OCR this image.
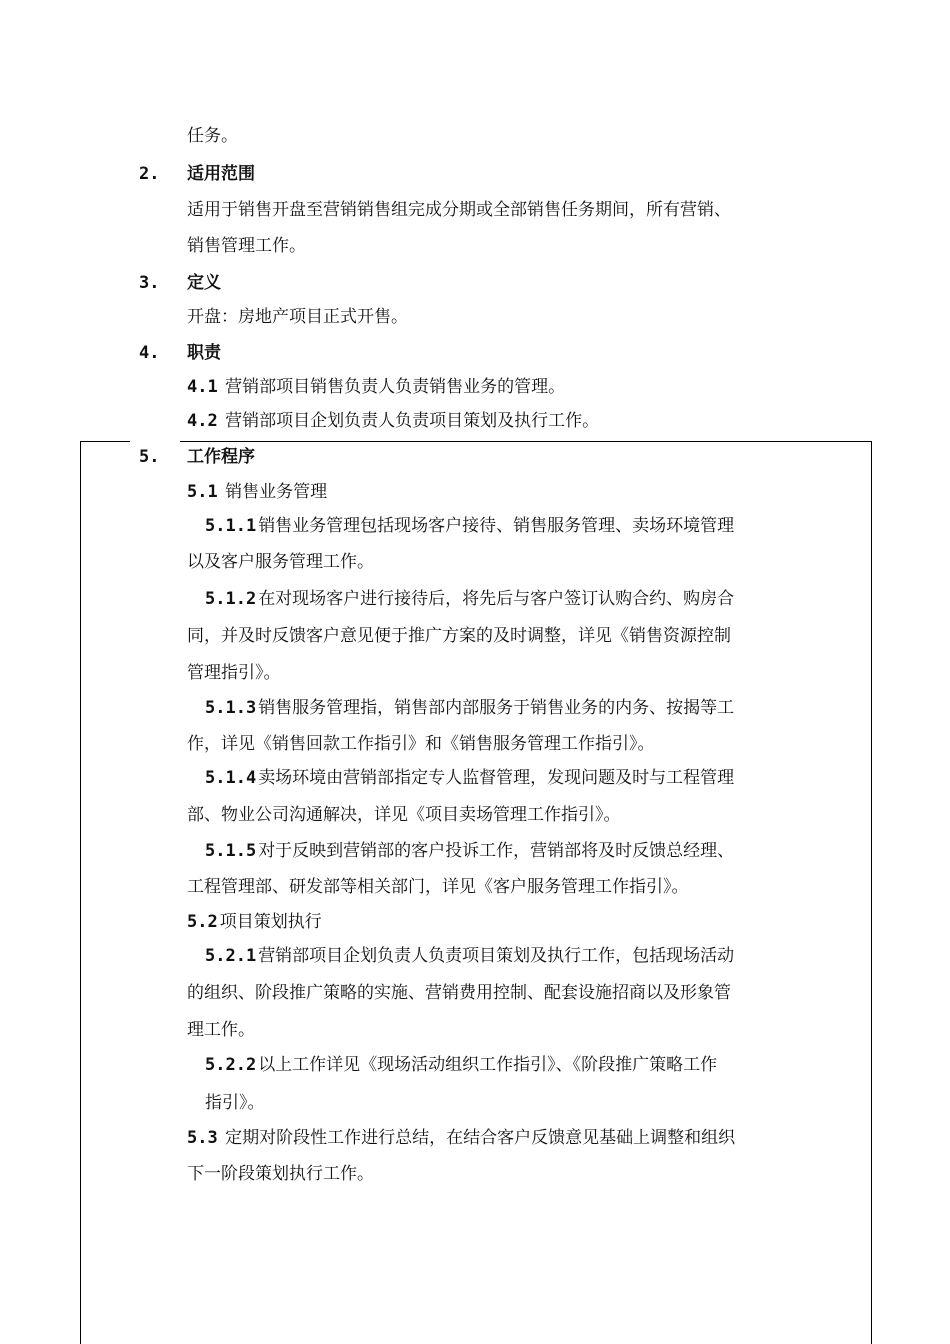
任务。
2. 适用范围
适用于销售开盘至营销销售组完成分期或全部销售任务期间，所有营销、
销售管理工作。
3. 定义
开盘：房地产项目正式开售。
4. 职责
4.1 营销部项目销售负责人负责销售业务的管理。
4.2 营销部项目企划负责人负责项目策划及执行工作。
5. 工作程序
5.1 销售业务管理
5.1.1 销售业务管理包括现场客户接待、销售服务管理、卖场环境管理
以及客户服务管理工作。
5.1.2 在对现场客户进行接待后，将先后与客户签订认购合约、购房合
同，并及时反馈客户意见便于推广方案的及时调整，详见《销售资源控制
管理指引》。
5.1.3 销售服务管理指，销售部内部服务于销售业务的内务、按揭等工
作，详见《销售回款工作指引》和《销售服务管理工作指引》。
5.1.4 卖场环境由营销部指定专人监督管理，发现问题及时与工程管理
部、物业公司沟通解决，详见《项目卖场管理工作指引》。
5.1.5 对于反映到营销部的客户投诉工作，营销部将及时反馈总经理、
工程管理部、研发部等相关部门，详见《客户服务管理工作指引》。
5.2 项目策划执行
5.2.1 营销部项目企划负责人负责项目策划及执行工作，包括现场活动
的组织、阶段推广策略的实施、营销费用控制、配套设施招商以及形象管
理工作。
5.2.2 以上工作详见《现场活动组织工作指引》、《阶段推广策略工作
指引》。
5.3 定期对阶段性工作进行总结，在结合客户反馈意见基础上调整和组织
下一阶段策划执行工作。
